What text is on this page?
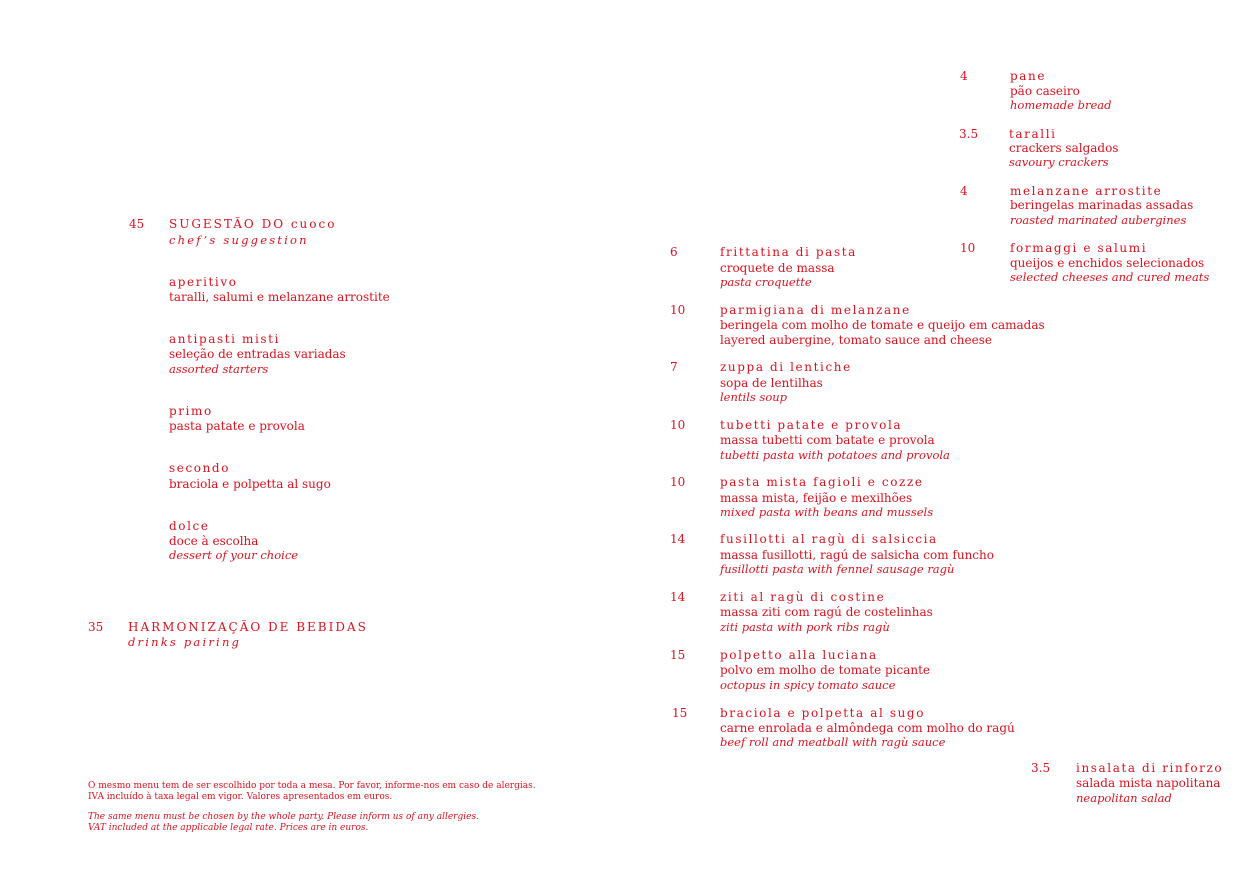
45 SUGESTÃO DO cuoco
chef’s suggestion
aperitivo
taralli, salumi e melanzane arrostite
antipasti misti
seleção de entradas variadas
assorted starters
primo
pasta patate e provola
secondo
braciola e polpetta al sugo
dolce
doce à escolha
dessert of your choice
35 HARMONIZAÇÃO DE BEBIDAS
drinks pairing
O mesmo menu tem de ser escolhido por toda a mesa. Por favor, informe-nos em caso de alergias.
IVA incluído à taxa legal em vigor. Valores apresentados em euros.
The same menu must be chosen by the whole party. Please inform us of any allergies.
VAT included at the applicable legal rate. Prices are in euros.
6	frittatina di pasta
croquete de massa
pasta croquette
10	parmigiana di melanzane
beringela com molho de tomate e queijo em camadas
layered aubergine, tomato sauce and cheese
7	zuppa di lentiche
sopa de lentilhas
lentils soup
10	tubetti patate e provola
massa tubetti com batate e provola
tubetti pasta with potatoes and provola
10	pasta mista fagioli e cozze
massa mista, feijão e mexilhões
mixed pasta with beans and mussels
14	fusillotti al ragù di salsiccia
massa fusillotti, ragú de salsicha com funcho
fusillotti pasta with fennel sausage ragù
14	ziti al ragù di costine
massa ziti com ragú de costelinhas
ziti pasta with pork ribs ragù
15	polpetto alla luciana
polvo em molho de tomate picante
octopus in spicy tomato sauce
15	braciola e polpetta al sugo
carne enrolada e almôndega com molho do ragú
beef roll and meatball with ragù sauce
4	pane
pão caseiro
homemade bread
3.5	taralli
crackers salgados
savoury crackers
4	melanzane arrostite
beringelas marinadas assadas
roasted marinated aubergines
10	formaggi e salumi
queijos e enchidos selecionados
selected cheeses and cured meats
3.5 insalata di rinforzo
salada mista napolitana
neapolitan salad
